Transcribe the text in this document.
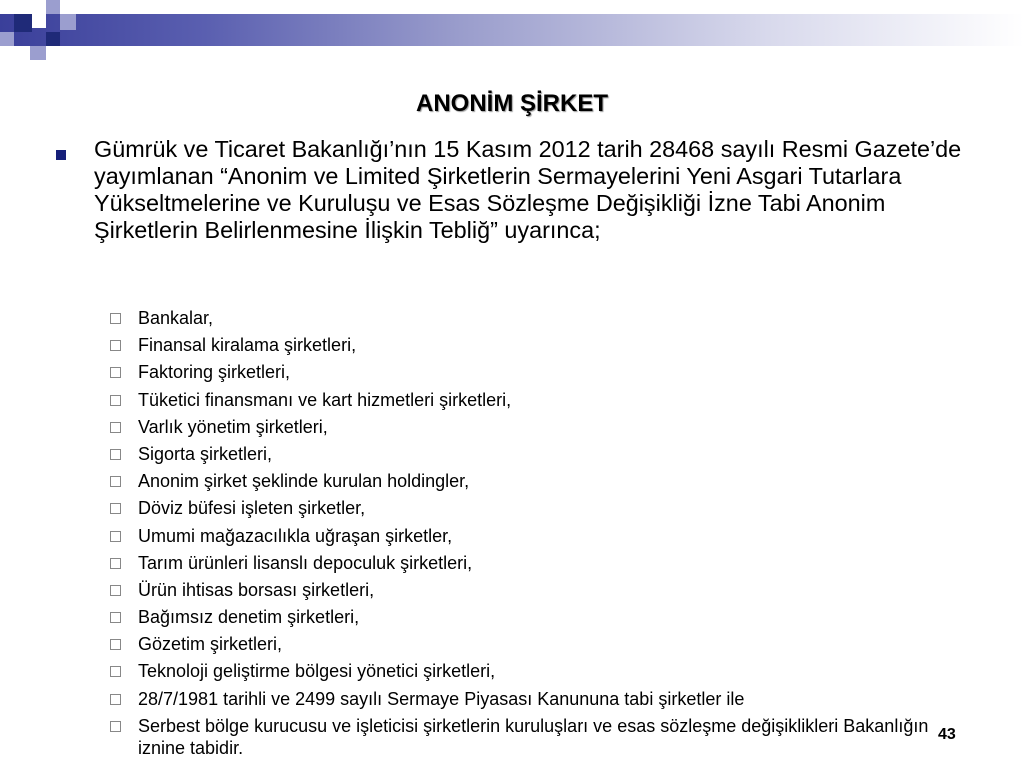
ANONİM ŞİRKET

Gümrük ve Ticaret Bakanlığı’nın 15 Kasım 2012 tarih 28468 sayılı Resmi Gazete’de yayımlanan “Anonim ve Limited Şirketlerin Sermayelerini Yeni Asgari Tutarlara Yükseltmelerine ve Kuruluşu ve Esas Sözleşme Değişikliği İzne Tabi Anonim Şirketlerin Belirlenmesine İlişkin Tebliğ” uyarınca;

Bankalar,
Finansal kiralama şirketleri,
Faktoring şirketleri,
Tüketici finansmanı ve kart hizmetleri şirketleri,
Varlık yönetim şirketleri,
Sigorta şirketleri,
Anonim şirket şeklinde kurulan holdingler,
Döviz büfesi işleten şirketler,
Umumi mağazacılıkla uğraşan şirketler,
Tarım ürünleri lisanslı depoculuk şirketleri,
Ürün ihtisas borsası şirketleri,
Bağımsız denetim şirketleri,
Gözetim şirketleri,
Teknoloji geliştirme bölgesi yönetici şirketleri,
28/7/1981 tarihli ve 2499 sayılı Sermaye Piyasası Kanununa tabi şirketler ile
Serbest bölge kurucusu ve işleticisi şirketlerin kuruluşları ve esas sözleşme değişiklikleri Bakanlığın iznine tabidir.
43
